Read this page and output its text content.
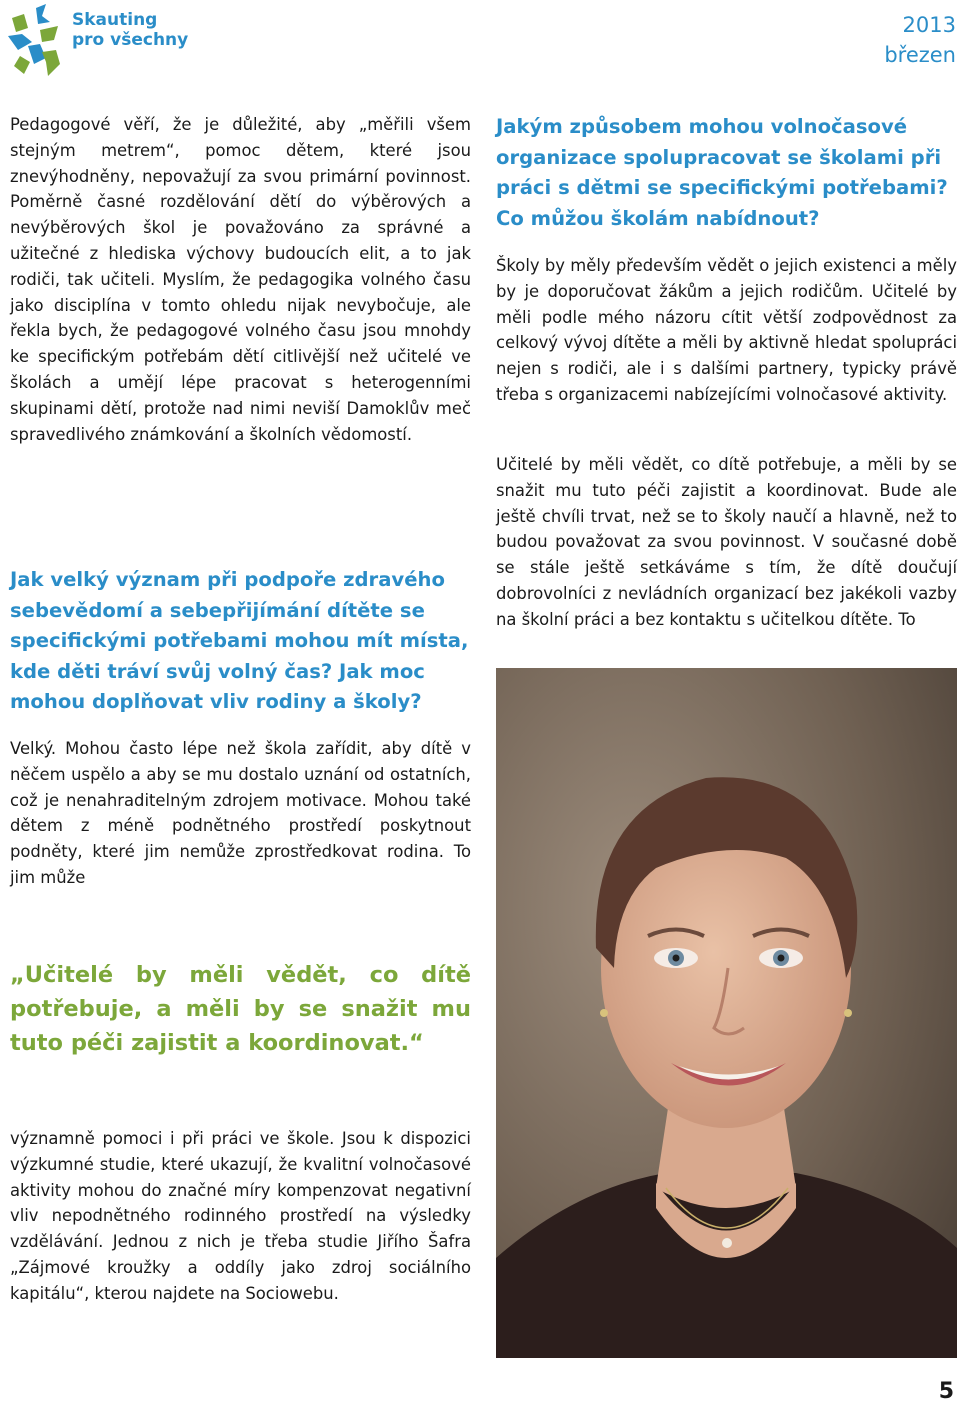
Skauting
pro všechny
2013
březen

Pedagogové věří, že je důležité, aby „měřili všem stejným metrem“, pomoc dětem, které jsou znevýhodněny, nepovažují za svou primární povinnost. Poměrně časné rozdělování dětí do výběrových a nevýběrových škol je považováno za správné a užitečné z hlediska výchovy budoucích elit, a to jak rodiči, tak učiteli. Myslím, že pedagogika volného času jako disciplína v tomto ohledu nijak nevybočuje, ale řekla bych, že pedagogové volného času jsou mnohdy ke specifickým potřebám dětí citlivější než učitelé ve školách a umějí lépe pracovat s heterogenními skupinami dětí, protože nad nimi neviší Damoklův meč spravedlivého známkování a školních vědomostí.

Jak velký význam při podpoře zdravého sebevědomí a sebepřijímání dítěte se specifickými potřebami mohou mít místa, kde děti tráví svůj volný čas? Jak moc mohou doplňovat vliv rodiny a školy?

Velký. Mohou často lépe než škola zařídit, aby dítě v něčem uspělo a aby se mu dostalo uznání od ostatních, což je nenahraditelným zdrojem motivace. Mohou také dětem z méně podnětného prostředí poskytnout podněty, které jim nemůže zprostředkovat rodina. To jim může

„Učitelé by měli vědět, co dítě potřebuje, a měli by se snažit mu tuto péči zajistit a koordinovat.“

významně pomoci i při práci ve škole. Jsou k dispozici výzkumné studie, které ukazují, že kvalitní volnočasové aktivity mohou do značné míry kompenzovat negativní vliv nepodnětného rodinného prostředí na výsledky vzdělávání. Jednou z nich je třeba studie Jiřího Šafra „Zájmové kroužky a oddíly jako zdroj sociálního kapitálu“, kterou najdete na Sociowebu.

Jakým způsobem mohou volnočasové organizace spolupracovat se školami při práci s dětmi se specifickými potřebami? Co můžou školám nabídnout?

Školy by měly především vědět o jejich existenci a měly by je doporučovat žákům a jejich rodičům. Učitelé by měli podle mého názoru cítit větší zodpovědnost za celkový vývoj dítěte a měli by aktivně hledat spolupráci nejen s rodiči, ale i s dalšími partnery, typicky právě třeba s organizacemi nabízejícími volnočasové aktivity.

Učitelé by měli vědět, co dítě potřebuje, a měli by se snažit mu tuto péči zajistit a koordinovat. Bude ale ještě chvíli trvat, než se to školy naučí a hlavně, než to budou považovat za svou povinnost. V současné době se stále ještě setkáváme s tím, že dítě doučují dobrovolníci z nevládních organizací bez jakékoli vazby na školní práci a bez kontaktu s učitelkou dítěte. To

5
